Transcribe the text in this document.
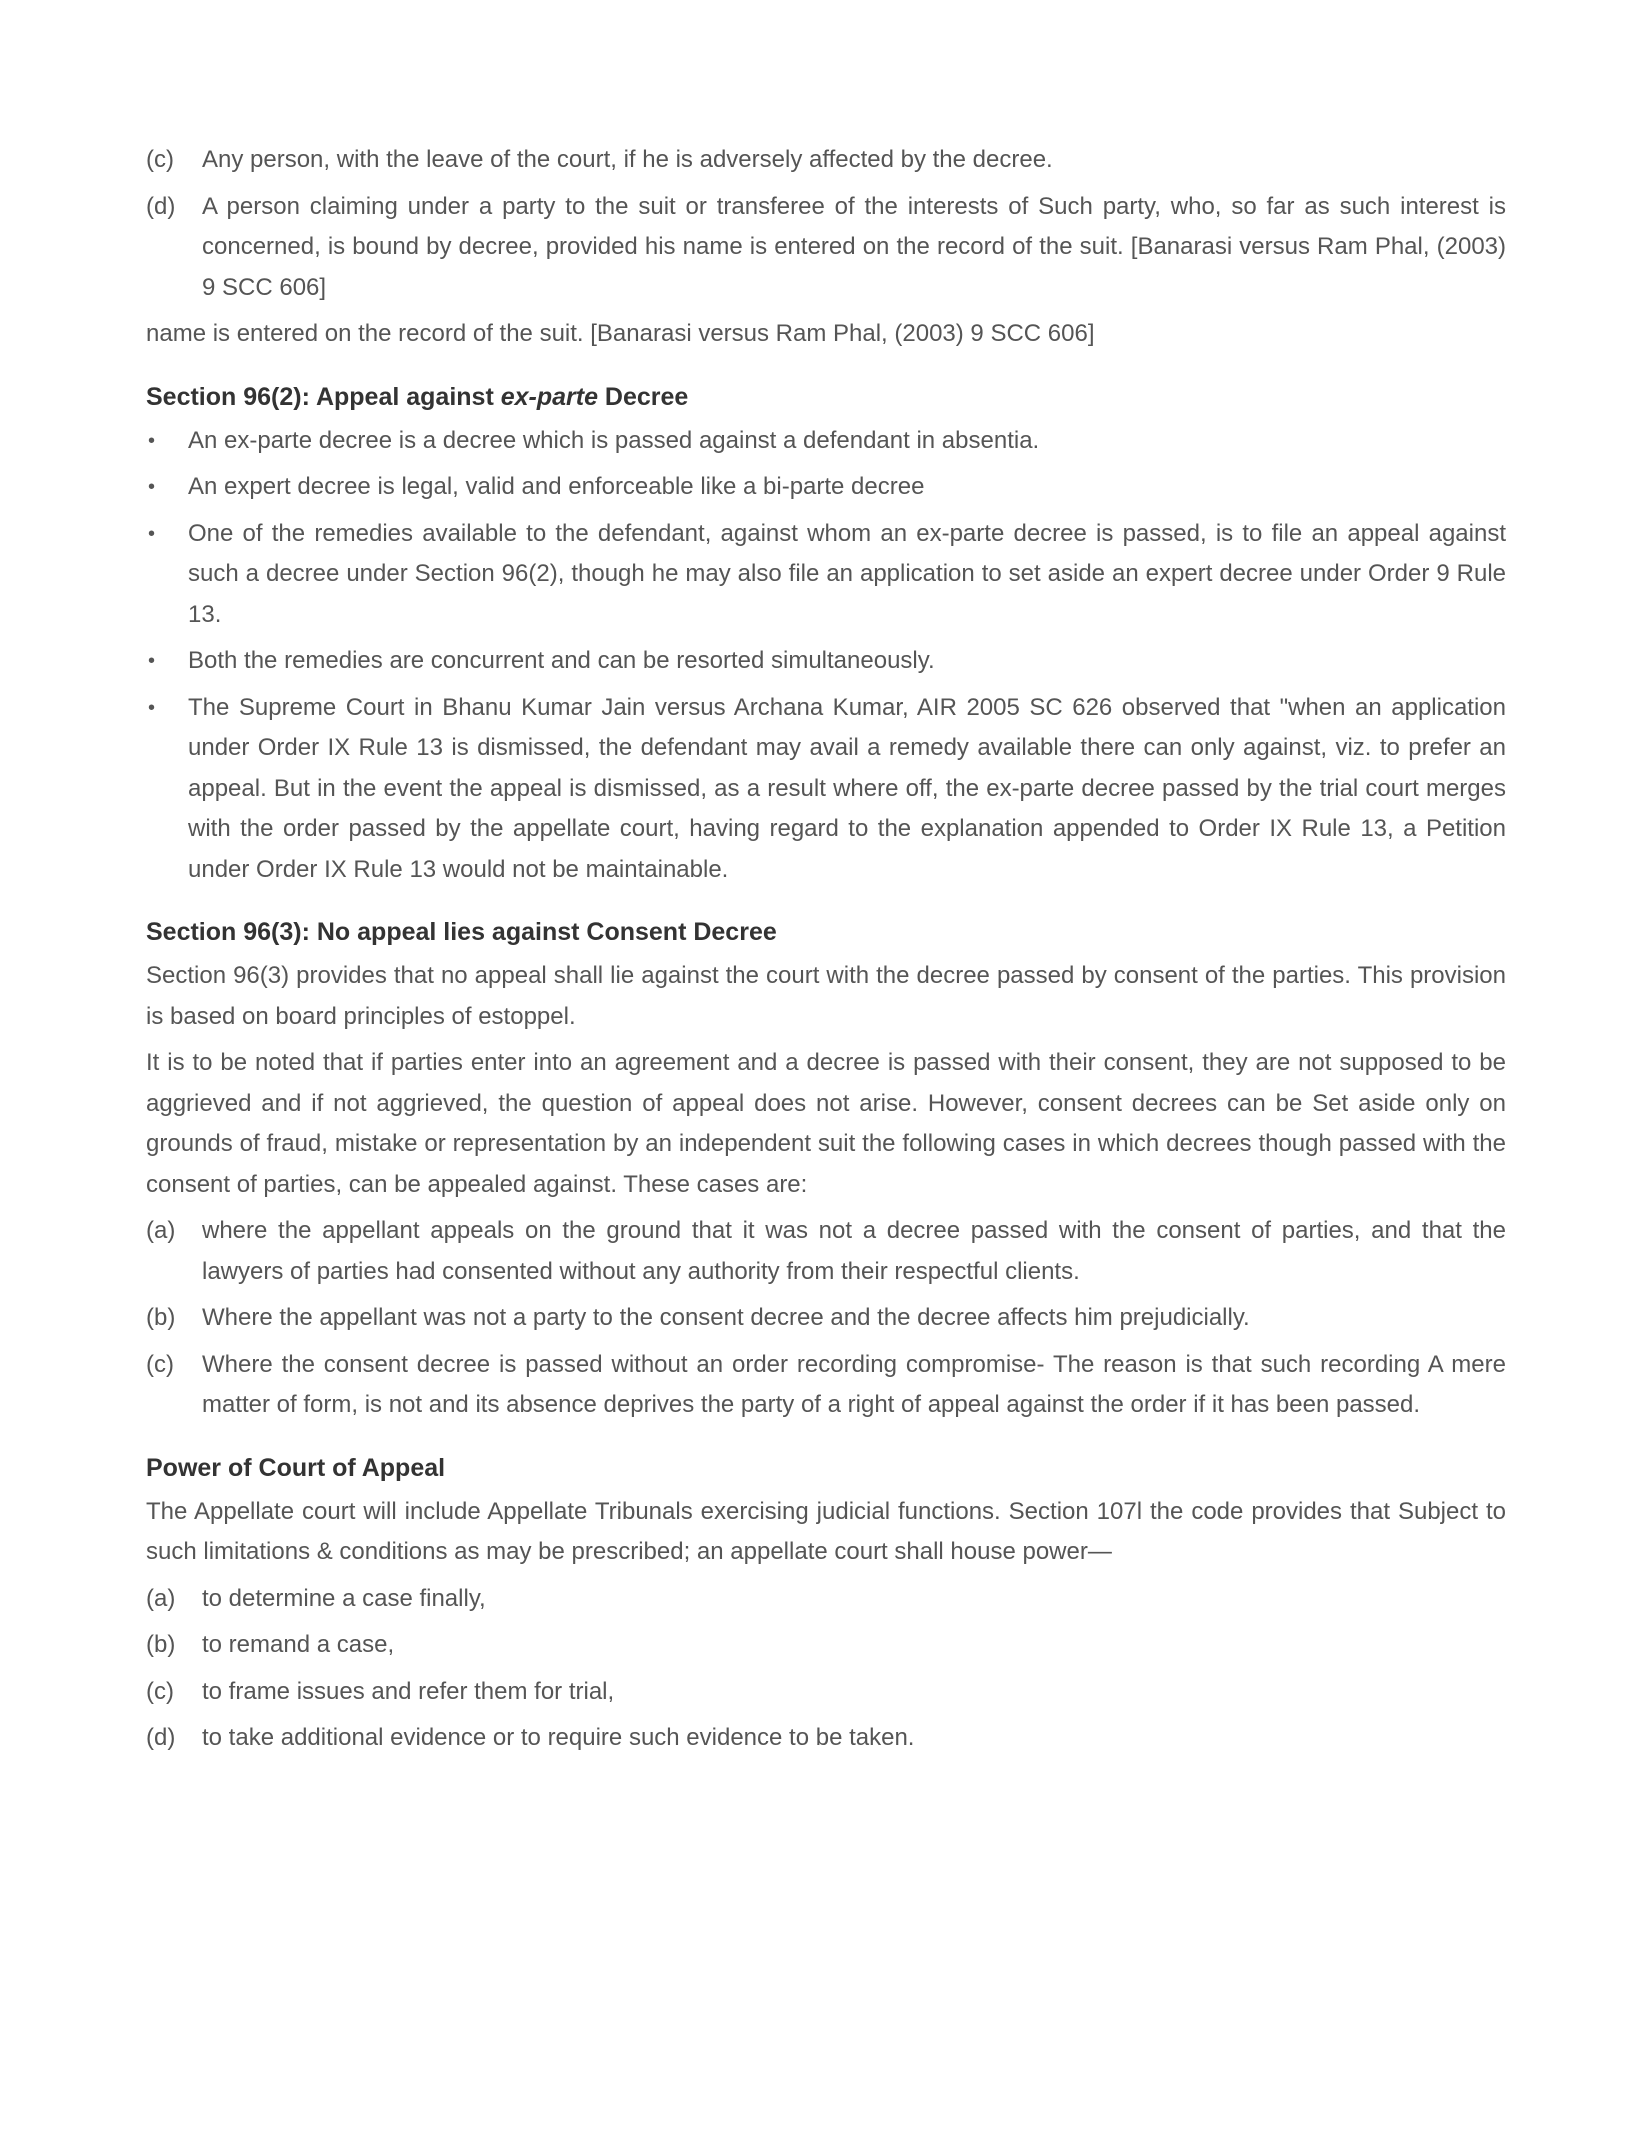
(c)	Any person, with the leave of the court, if he is adversely affected by the decree.
(d)	A person claiming under a party to the suit or transferee of the interests of Such party, who, so far as such interest is concerned, is bound by decree, provided his name is entered on the record of the suit. [Banarasi versus Ram Phal, (2003) 9 SCC 606]

name is entered on the record of the suit. [Banarasi versus Ram Phal, (2003) 9 SCC 606]

Section 96(2): Appeal against ex-parte Decree
•	An ex-parte decree is a decree which is passed against a defendant in absentia.
•	An expert decree is legal, valid and enforceable like a bi-parte decree
•	One of the remedies available to the defendant, against whom an ex-parte decree is passed, is to file an appeal against such a decree under Section 96(2), though he may also file an application to set aside an expert decree under Order 9 Rule 13.
•	Both the remedies are concurrent and can be resorted simultaneously.
•	The Supreme Court in Bhanu Kumar Jain versus Archana Kumar, AIR 2005 SC 626 observed that "when an application under Order IX Rule 13 is dismissed, the defendant may avail a remedy available there can only against, viz. to prefer an appeal. But in the event the appeal is dismissed, as a result where off, the ex-parte decree passed by the trial court merges with the order passed by the appellate court, having regard to the explanation appended to Order IX Rule 13, a Petition under Order IX Rule 13 would not be maintainable.
Section 96(3): No appeal lies against Consent Decree

Section 96(3) provides that no appeal shall lie against the court with the decree passed by consent of the parties. This provision is based on board principles of estoppel.

It is to be noted that if parties enter into an agreement and a decree is passed with their consent, they are not supposed to be aggrieved and if not aggrieved, the question of appeal does not arise. However, consent decrees can be Set aside only on grounds of fraud, mistake or representation by an independent suit the following cases in which decrees though passed with the consent of parties, can be appealed against. These cases are:

(a)	where the appellant appeals on the ground that it was not a decree passed with the consent of parties, and that the lawyers of parties had consented without any authority from their respectful clients.
(b)	Where the appellant was not a party to the consent decree and the decree affects him prejudicially.
(c)	Where the consent decree is passed without an order recording compromise- The reason is that such recording A mere matter of form, is not and its absence deprives the party of a right of appeal against the order if it has been passed.
Power of Court of Appeal

The Appellate court will include Appellate Tribunals exercising judicial functions. Section 107l the code provides that Subject to such limitations & conditions as may be prescribed; an appellate court shall house power—

(a)	to determine a case finally,
(b)	to remand a case,
(c)	to frame issues and refer them for trial,
(d)	to take additional evidence or to require such evidence to be taken.
